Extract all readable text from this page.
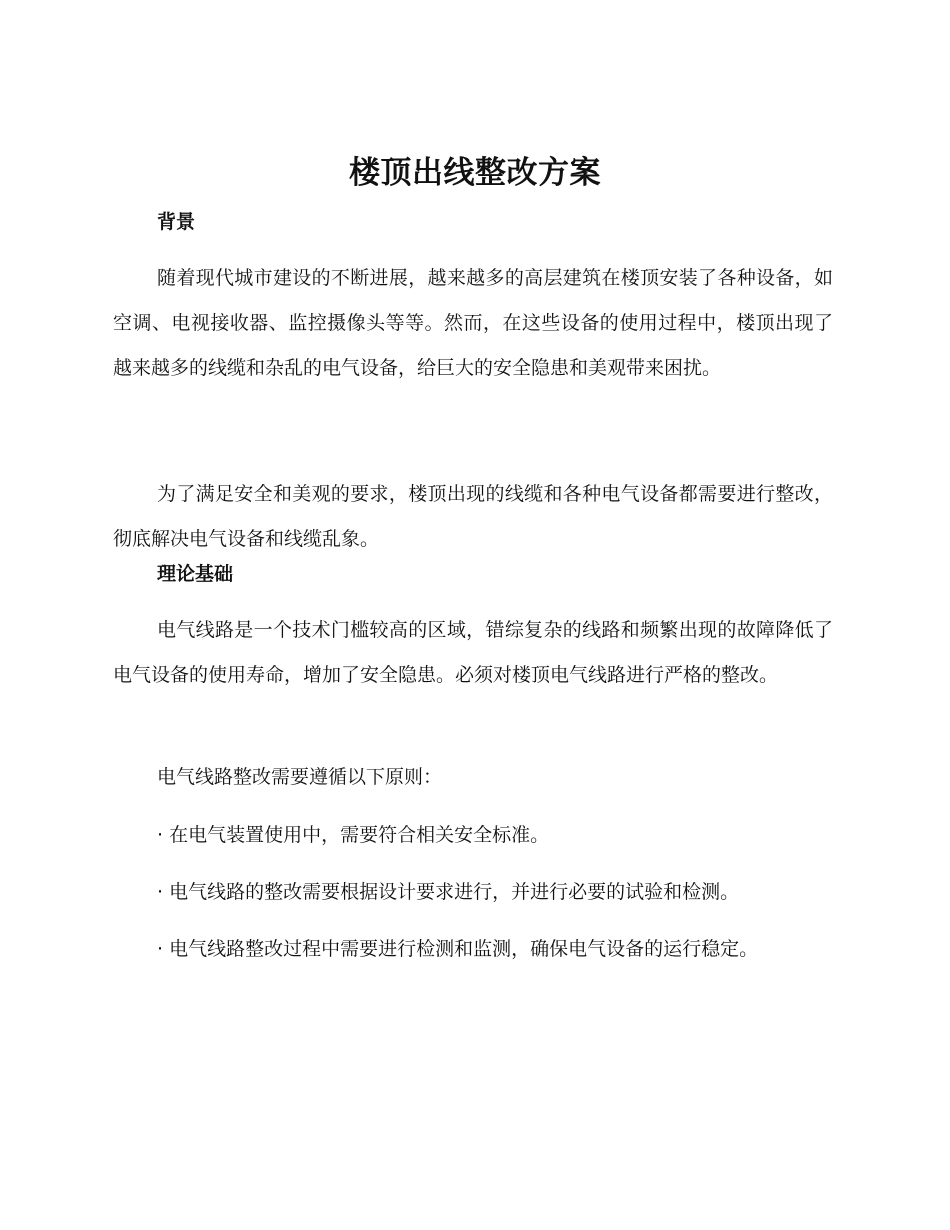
楼顶出线整改方案
背景

随着现代城市建设的不断进展，越来越多的高层建筑在楼顶安装了各种设备，如空调、电视接收器、监控摄像头等等。然而，在这些设备的使用过程中，楼顶出现了越来越多的线缆和杂乱的电气设备，给巨大的安全隐患和美观带来困扰。

为了满足安全和美观的要求，楼顶出现的线缆和各种电气设备都需要进行整改，彻底解决电气设备和线缆乱象。

理论基础

电气线路是一个技术门槛较高的区域，错综复杂的线路和频繁出现的故障降低了电气设备的使用寿命，增加了安全隐患。必须对楼顶电气线路进行严格的整改。

电气线路整改需要遵循以下原则：

· 在电气装置使用中，需要符合相关安全标准。

· 电气线路的整改需要根据设计要求进行，并进行必要的试验和检测。

· 电气线路整改过程中需要进行检测和监测，确保电气设备的运行稳定。
